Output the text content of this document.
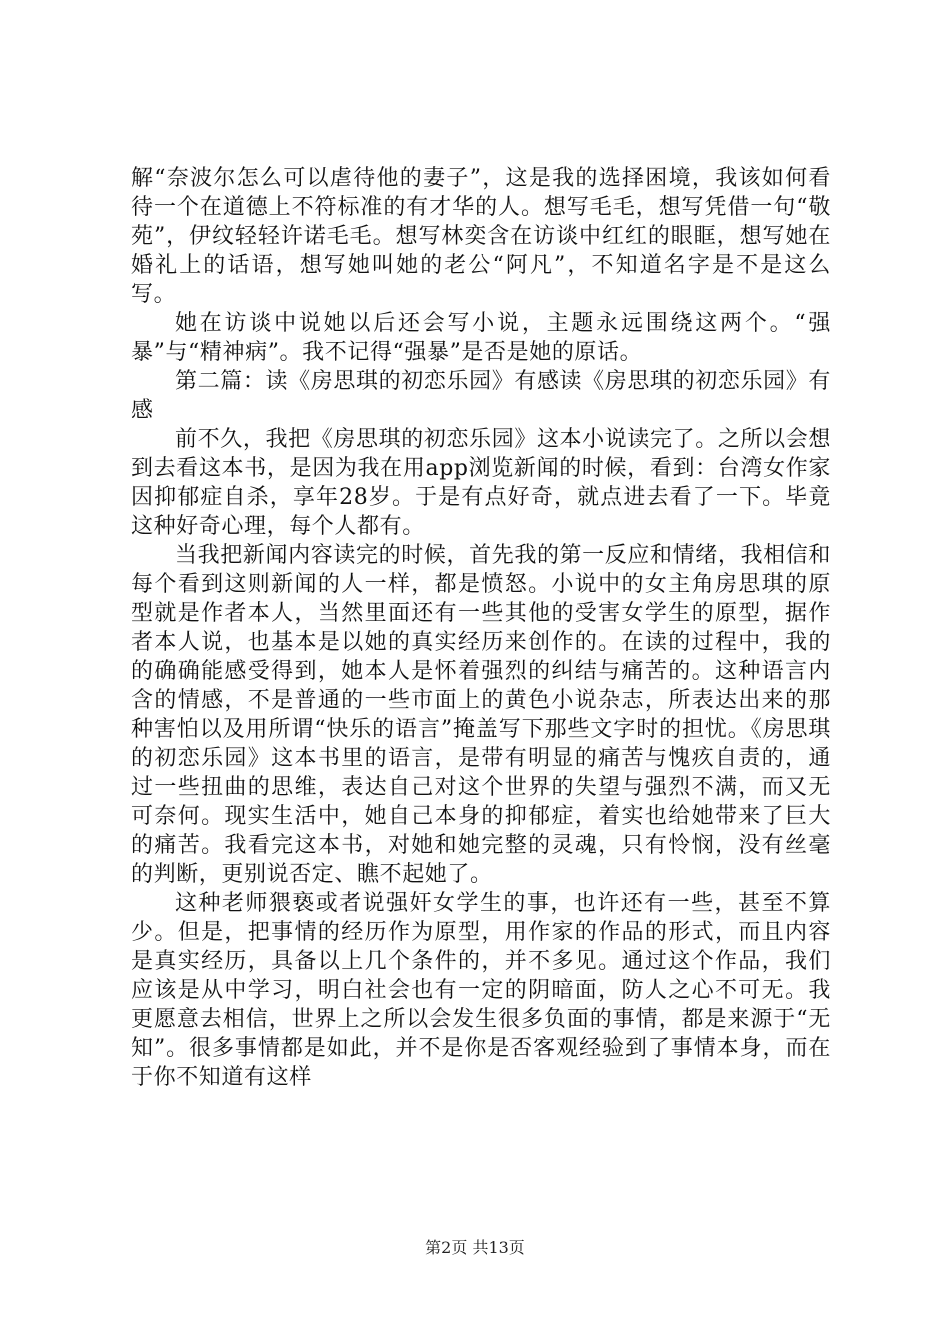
解“奈波尔怎么可以虐待他的妻子”，这是我的选择困境，我该如何看待一个在道德上不符标准的有才华的人。想写毛毛，想写凭借一句“敬苑”，伊纹轻轻许诺毛毛。想写林奕含在访谈中红红的眼眶，想写她在婚礼上的话语，想写她叫她的老公“阿凡”，不知道名字是不是这么写。

她在访谈中说她以后还会写小说，主题永远围绕这两个。“强暴”与“精神病”。我不记得“强暴”是否是她的原话。

第二篇：读《房思琪的初恋乐园》有感读《房思琪的初恋乐园》有感

前不久，我把《房思琪的初恋乐园》这本小说读完了。之所以会想到去看这本书，是因为我在用app浏览新闻的时候，看到：台湾女作家因抑郁症自杀，享年28岁。于是有点好奇，就点进去看了一下。毕竟这种好奇心理，每个人都有。

当我把新闻内容读完的时候，首先我的第一反应和情绪，我相信和每个看到这则新闻的人一样，都是愤怒。小说中的女主角房思琪的原型就是作者本人，当然里面还有一些其他的受害女学生的原型，据作者本人说，也基本是以她的真实经历来创作的。在读的过程中，我的的确确能感受得到，她本人是怀着强烈的纠结与痛苦的。这种语言内含的情感，不是普通的一些市面上的黄色小说杂志，所表达出来的那种害怕以及用所谓“快乐的语言”掩盖写下那些文字时的担忧。《房思琪的初恋乐园》这本书里的语言，是带有明显的痛苦与愧疚自责的，通过一些扭曲的思维，表达自己对这个世界的失望与强烈不满，而又无可奈何。现实生活中，她自己本身的抑郁症，着实也给她带来了巨大的痛苦。我看完这本书，对她和她完整的灵魂，只有怜悯，没有丝毫的判断，更别说否定、瞧不起她了。

这种老师猥亵或者说强奸女学生的事，也许还有一些，甚至不算少。但是，把事情的经历作为原型，用作家的作品的形式，而且内容是真实经历，具备以上几个条件的，并不多见。通过这个作品，我们应该是从中学习，明白社会也有一定的阴暗面，防人之心不可无。我更愿意去相信，世界上之所以会发生很多负面的事情，都是来源于“无知”。很多事情都是如此，并不是你是否客观经验到了事情本身，而在于你不知道有这样

第2页 共13页
